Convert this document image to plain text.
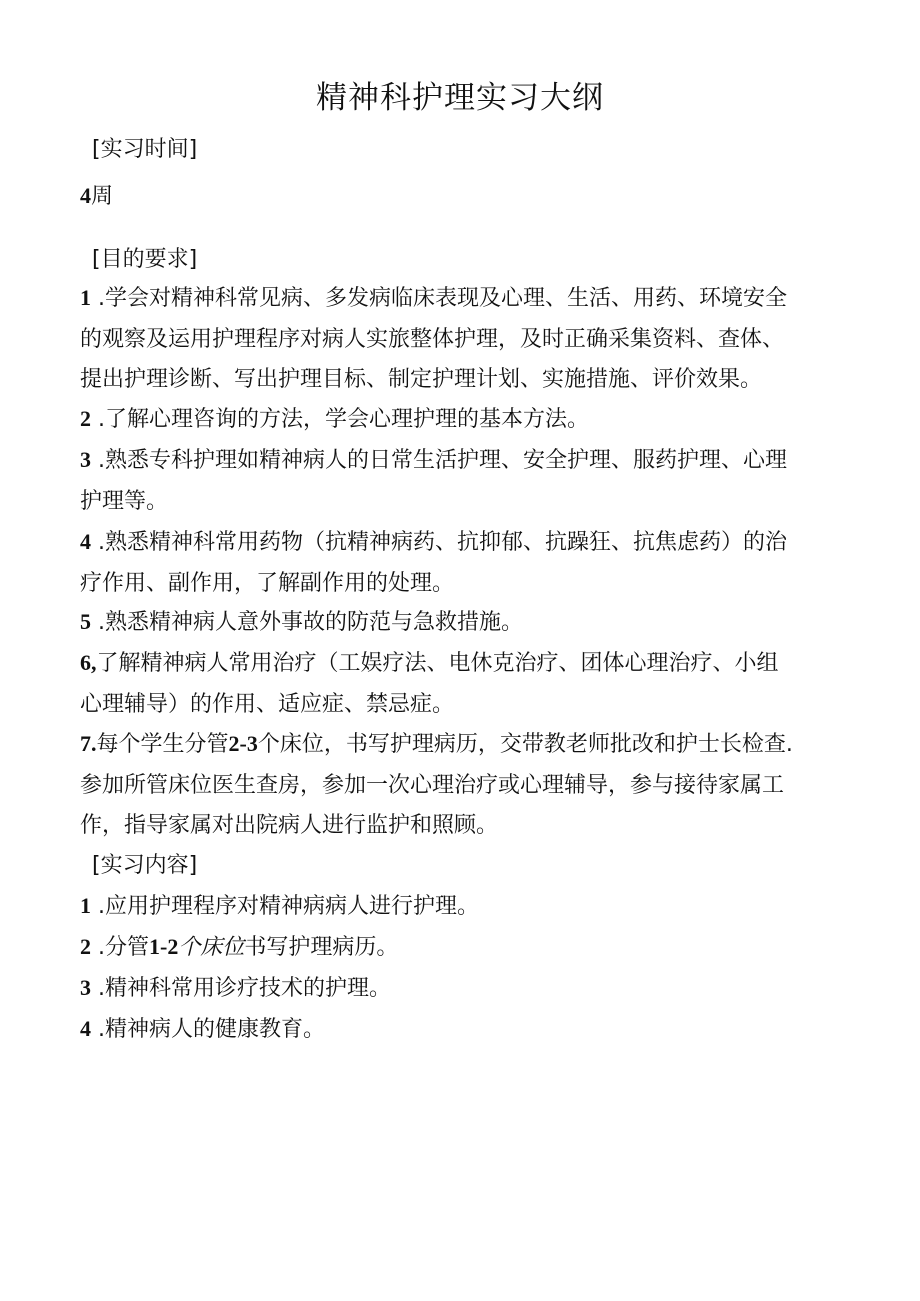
精神科护理实习大纲
[实习时间]
4周
[目的要求]
1 .学会对精神科常见病、多发病临床表现及心理、生活、用药、环境安全
的观察及运用护理程序对病人实旅整体护理，及时正确采集资料、查体、
提出护理诊断、写出护理目标、制定护理计划、实施措施、评价效果。
2 .了解心理咨询的方法，学会心理护理的基本方法。
3 .熟悉专科护理如精神病人的日常生活护理、安全护理、服药护理、心理
护理等。
4 .熟悉精神科常用药物（抗精神病药、抗抑郁、抗躁狂、抗焦虑药）的治
疗作用、副作用，了解副作用的处理。
5 .熟悉精神病人意外事故的防范与急救措施。
6,了解精神病人常用治疗（工娱疗法、电休克治疗、团体心理治疗、小组
心理辅导）的作用、适应症、禁忌症。
7.每个学生分管2-3个床位，书写护理病历，交带教老师批改和护士长检查.
参加所管床位医生查房，参加一次心理治疗或心理辅导，参与接待家属工
作，指导家属对出院病人进行监护和照顾。
[实习内容]
1 .应用护理程序对精神病病人进行护理。
2 .分管1-2个床位书写护理病历。
3 .精神科常用诊疗技术的护理。
4 .精神病人的健康教育。
